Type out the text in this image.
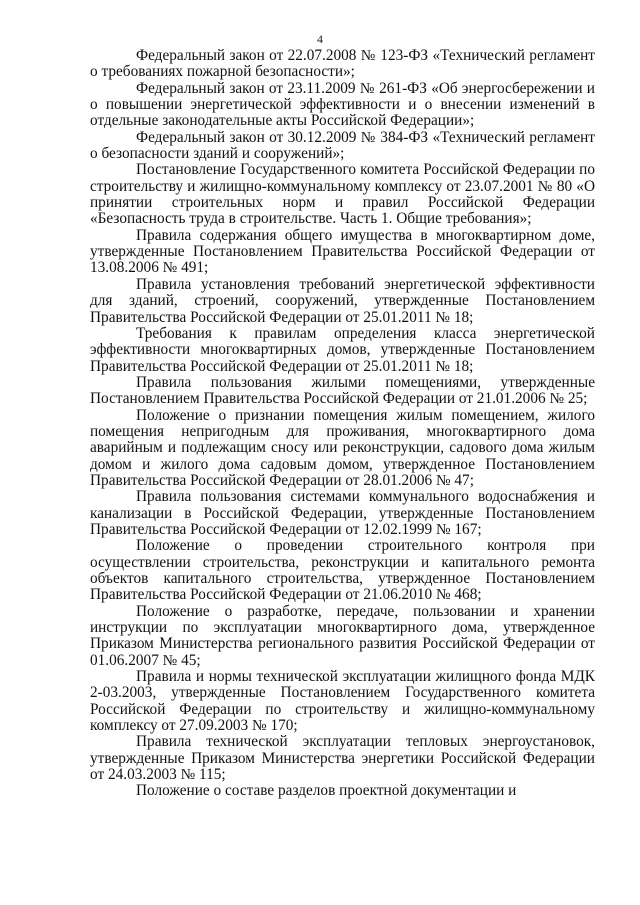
4

Федеральный закон от 22.07.2008 № 123-ФЗ «Технический регламент о требованиях пожарной безопасности»;

Федеральный закон от 23.11.2009 № 261-ФЗ «Об энергосбережении и о повышении энергетической эффективности и о внесении изменений в отдельные законодательные акты Российской Федерации»;

Федеральный закон от 30.12.2009 № 384-ФЗ «Технический регламент о безопасности зданий и сооружений»;

Постановление Государственного комитета Российской Федерации по строительству и жилищно-коммунальному комплексу от 23.07.2001 № 80 «О принятии строительных норм и правил Российской Федерации «Безопасность труда в строительстве. Часть 1. Общие требования»;

Правила содержания общего имущества в многоквартирном доме, утвержденные Постановлением Правительства Российской Федерации от 13.08.2006 № 491;

Правила установления требований энергетической эффективности для зданий, строений, сооружений, утвержденные Постановлением Правительства Российской Федерации от 25.01.2011 № 18;

Требования к правилам определения класса энергетической эффективности многоквартирных домов, утвержденные Постановлением Правительства Российской Федерации от 25.01.2011 № 18;

Правила пользования жилыми помещениями, утвержденные Постановлением Правительства Российской Федерации от 21.01.2006 № 25;

Положение о признании помещения жилым помещением, жилого помещения непригодным для проживания, многоквартирного дома аварийным и подлежащим сносу или реконструкции, садового дома жилым домом и жилого дома садовым домом, утвержденное Постановлением Правительства Российской Федерации от 28.01.2006 № 47;

Правила пользования системами коммунального водоснабжения и канализации в Российской Федерации, утвержденные Постановлением Правительства Российской Федерации от 12.02.1999 № 167;

Положение о проведении строительного контроля при осуществлении строительства, реконструкции и капитального ремонта объектов капитального строительства, утвержденное Постановлением Правительства Российской Федерации от 21.06.2010 № 468;

Положение о разработке, передаче, пользовании и хранении инструкции по эксплуатации многоквартирного дома, утвержденное Приказом Министерства регионального развития Российской Федерации от 01.06.2007 № 45;

Правила и нормы технической эксплуатации жилищного фонда МДК 2-03.2003, утвержденные Постановлением Государственного комитета Российской Федерации по строительству и жилищно-коммунальному комплексу от 27.09.2003 № 170;

Правила технической эксплуатации тепловых энергоустановок, утвержденные Приказом Министерства энергетики Российской Федерации от 24.03.2003 № 115;

Положение о составе разделов проектной документации и
